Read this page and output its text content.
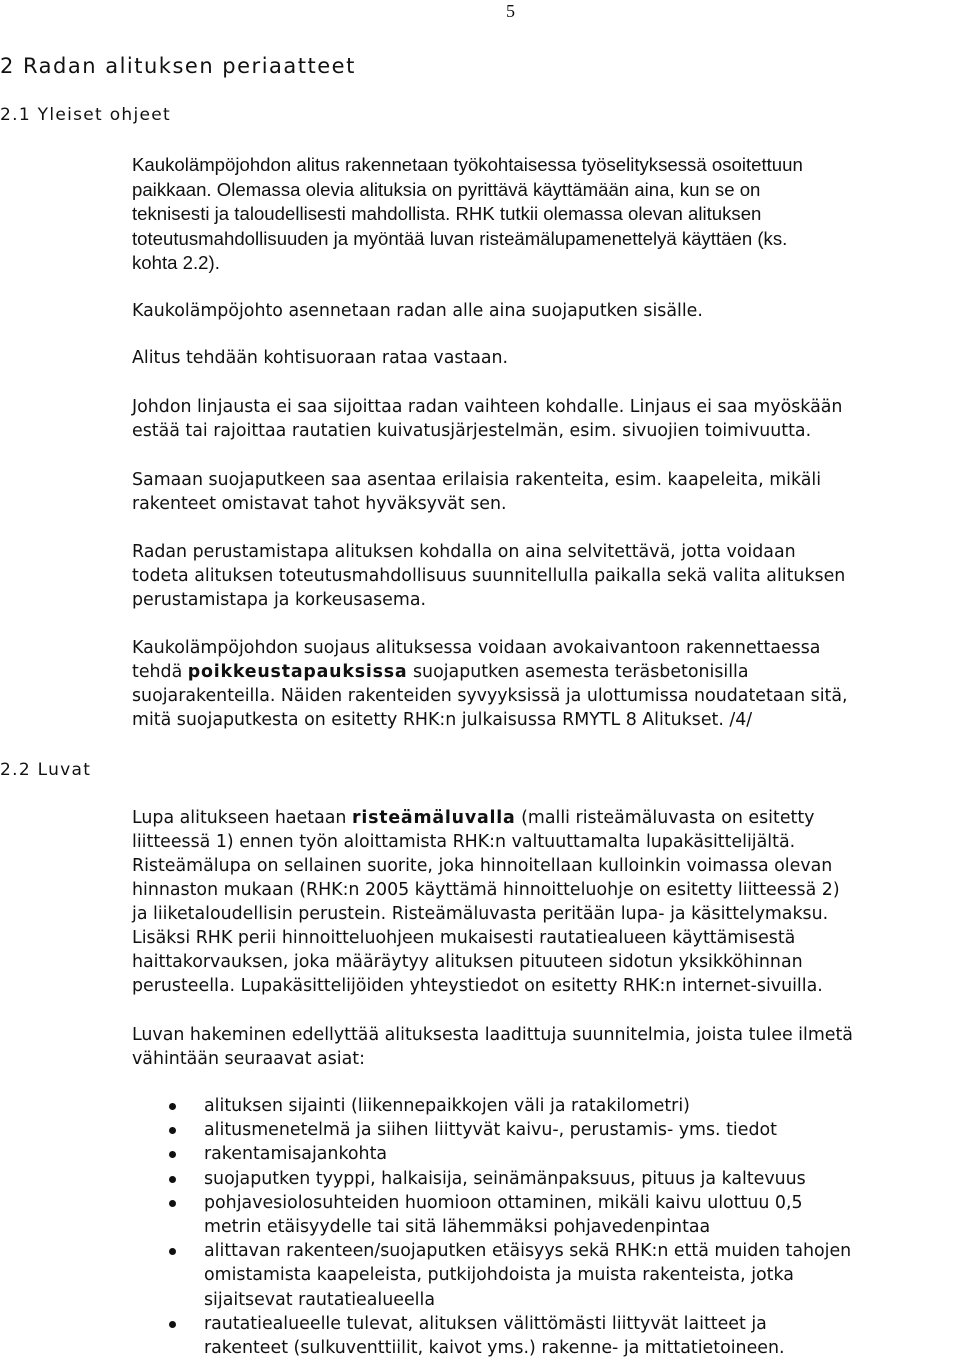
5
2 Radan alituksen periaatteet
2.1 Yleiset ohjeet
Kaukolämpöjohdon alitus rakennetaan työkohtaisessa työselityksessä osoitettuun
paikkaan. Olemassa olevia alituksia on pyrittävä käyttämään aina, kun se on
teknisesti ja taloudellisesti mahdollista. RHK tutkii olemassa olevan alituksen
toteutusmahdollisuuden ja myöntää luvan risteämälupamenettelyä käyttäen (ks.
kohta 2.2).
Kaukolämpöjohto asennetaan radan alle aina suojaputken sisälle.
Alitus tehdään kohtisuoraan rataa vastaan.
Johdon linjausta ei saa sijoittaa radan vaihteen kohdalle. Linjaus ei saa myöskään
estää tai rajoittaa rautatien kuivatusjärjestelmän, esim. sivuojien toimivuutta.
Samaan suojaputkeen saa asentaa erilaisia rakenteita, esim. kaapeleita, mikäli
rakenteet omistavat tahot hyväksyvät sen.
Radan perustamistapa alituksen kohdalla on aina selvitettävä, jotta voidaan
todeta alituksen toteutusmahdollisuus suunnitellulla paikalla sekä valita alituksen
perustamistapa ja korkeusasema.
Kaukolämpöjohdon suojaus alituksessa voidaan avokaivantoon rakennettaessa
tehdä poikkeustapauksissa suojaputken asemesta teräsbetonisilla
suojarakenteilla. Näiden rakenteiden syvyyksissä ja ulottumissa noudatetaan sitä,
mitä suojaputkesta on esitetty RHK:n julkaisussa RMYTL 8 Alitukset. /4/
2.2 Luvat
Lupa alitukseen haetaan risteämäluvalla (malli risteämäluvasta on esitetty
liitteessä 1) ennen työn aloittamista RHK:n valtuuttamalta lupakäsittelijältä.
Risteämälupa on sellainen suorite, joka hinnoitellaan kulloinkin voimassa olevan
hinnaston mukaan (RHK:n 2005 käyttämä hinnoitteluohje on esitetty liitteessä 2)
ja liiketaloudellisin perustein. Risteämäluvasta peritään lupa- ja käsittelymaksu.
Lisäksi RHK perii hinnoitteluohjeen mukaisesti rautatiealueen käyttämisestä
haittakorvauksen, joka määräytyy alituksen pituuteen sidotun yksikköhinnan
perusteella. Lupakäsittelijöiden yhteystiedot on esitetty RHK:n internet-sivuilla.
Luvan hakeminen edellyttää alituksesta laadittuja suunnitelmia, joista tulee ilmetä
vähintään seuraavat asiat:
alituksen sijainti (liikennepaikkojen väli ja ratakilometri)
alitusmenetelmä ja siihen liittyvät kaivu-, perustamis- yms. tiedot
rakentamisajankohta
suojaputken tyyppi, halkaisija, seinämänpaksuus, pituus ja kaltevuus
pohjavesiolosuhteiden huomioon ottaminen, mikäli kaivu ulottuu 0,5
metrin etäisyydelle tai sitä lähemmäksi pohjavedenpintaa
alittavan rakenteen/suojaputken etäisyys sekä RHK:n että muiden tahojen
omistamista kaapeleista, putkijohdoista ja muista rakenteista, jotka
sijaitsevat rautatiealueella
rautatiealueelle tulevat, alituksen välittömästi liittyvät laitteet ja
rakenteet (sulkuventtiilit, kaivot yms.) rakenne- ja mittatietoineen.
